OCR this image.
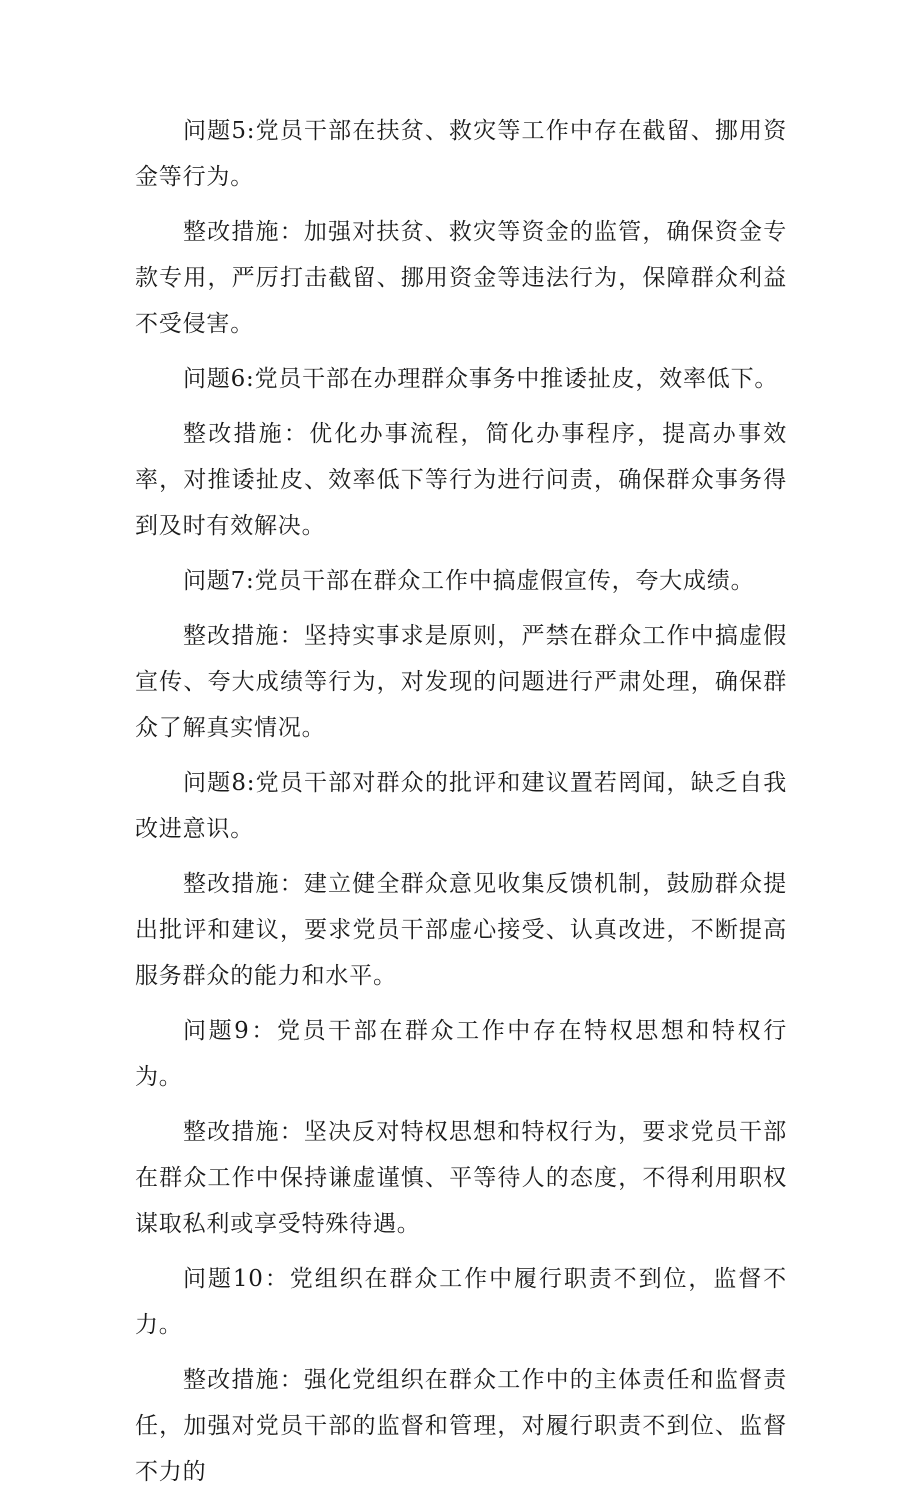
问题5:党员干部在扶贫、救灾等工作中存在截留、挪用资金等行为。

整改措施：加强对扶贫、救灾等资金的监管，确保资金专款专用，严厉打击截留、挪用资金等违法行为，保障群众利益不受侵害。

问题6:党员干部在办理群众事务中推诿扯皮，效率低下。

整改措施：优化办事流程，简化办事程序，提高办事效率，对推诿扯皮、效率低下等行为进行问责，确保群众事务得到及时有效解决。

问题7:党员干部在群众工作中搞虚假宣传，夸大成绩。

整改措施：坚持实事求是原则，严禁在群众工作中搞虚假宣传、夸大成绩等行为，对发现的问题进行严肃处理，确保群众了解真实情况。

问题8:党员干部对群众的批评和建议置若罔闻，缺乏自我改进意识。

整改措施：建立健全群众意见收集反馈机制，鼓励群众提出批评和建议，要求党员干部虚心接受、认真改进，不断提高服务群众的能力和水平。

问题9：党员干部在群众工作中存在特权思想和特权行为。

整改措施：坚决反对特权思想和特权行为，要求党员干部在群众工作中保持谦虚谨慎、平等待人的态度，不得利用职权谋取私利或享受特殊待遇。

问题10：党组织在群众工作中履行职责不到位，监督不力。

整改措施：强化党组织在群众工作中的主体责任和监督责任，加强对党员干部的监督和管理，对履行职责不到位、监督不力的
